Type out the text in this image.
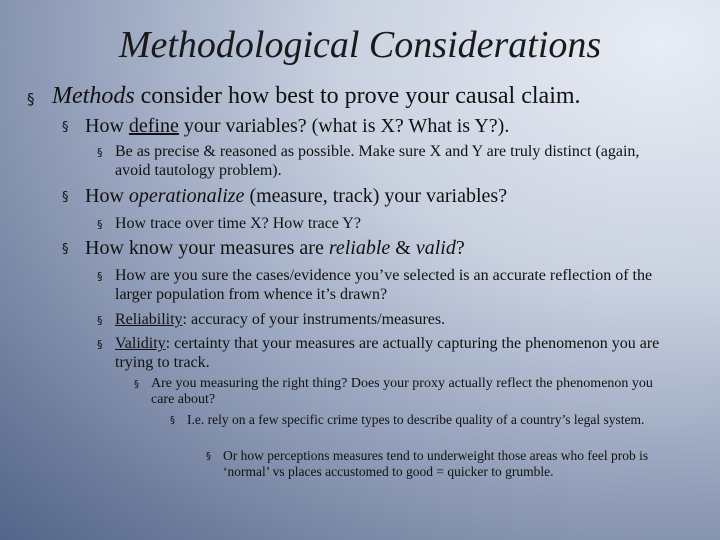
Methodological Considerations
§ Methods consider how best to prove your causal claim.
§ How define your variables? (what is X? What is Y?).
§ Be as precise & reasoned as possible. Make sure X and Y are truly distinct (again, avoid tautology problem).
§ How operationalize (measure, track) your variables?
§ How trace over time X? How trace Y?
§ How know your measures are reliable & valid?
§ How are you sure the cases/evidence you’ve selected is an accurate reflection of the larger population from whence it’s drawn?
§ Reliability: accuracy of your instruments/measures.
§ Validity: certainty that your measures are actually capturing the phenomenon you are trying to track.
§ Are you measuring the right thing? Does your proxy actually reflect the phenomenon you care about?
§ I.e. rely on a few specific crime types to describe quality of a country’s legal system.
§ Or how perceptions measures tend to underweight those areas who feel prob is ‘normal’ vs places accustomed to good = quicker to grumble.
